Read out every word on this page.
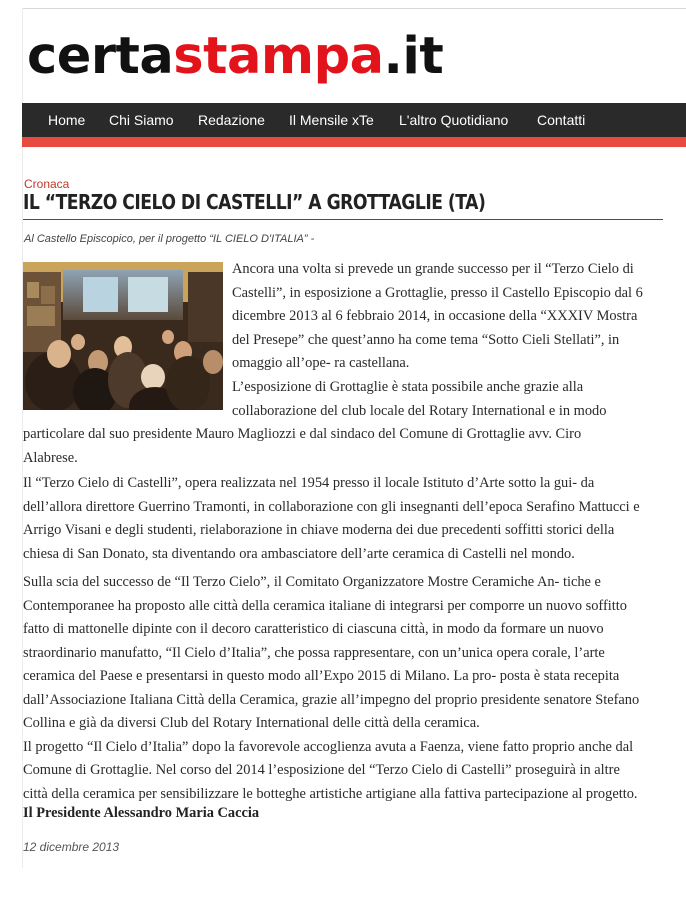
certastampa.it
Home Chi Siamo Redazione Il Mensile xTe L'altro Quotidiano Contatti
Cronaca
IL “TERZO CIELO DI CASTELLI” A GROTTAGLIE (TA)
Al Castello Episcopico, per il progetto “IL CIELO D'ITALIA” -
Ancora una volta si prevede un grande successo per il “Terzo Cielo di
Castelli”, in esposizione a Grottaglie, presso il Castello Episcopio dal 6
dicembre 2013 al 6 febbraio 2014, in occasione della “XXXIV Mostra
del Presepe” che quest’anno ha come tema “Sotto Cieli Stellati”, in
omaggio all’ope- ra castellana.
L’esposizione di Grottaglie è stata possibile anche grazie alla
collaborazione del club locale del Rotary International e in modo
particolare dal suo presidente Mauro Magliozzi e dal sindaco del Comune di Grottaglie avv. Ciro
Alabrese.
Il “Terzo Cielo di Castelli”, opera realizzata nel 1954 presso il locale Istituto d’Arte sotto la gui- da
dell’allora direttore Guerrino Tramonti, in collaborazione con gli insegnanti dell’epoca Serafino Mattucci e
Arrigo Visani e degli studenti, rielaborazione in chiave moderna dei due precedenti soffitti storici della
chiesa di San Donato, sta diventando ora ambasciatore dell’arte ceramica di Castelli nel mondo.
Sulla scia del successo de “Il Terzo Cielo”, il Comitato Organizzatore Mostre Ceramiche An- tiche e
Contemporanee ha proposto alle città della ceramica italiane di integrarsi per comporre un nuovo soffitto
fatto di mattonelle dipinte con il decoro caratteristico di ciascuna città, in modo da formare un nuovo
straordinario manufatto, “Il Cielo d’Italia”, che possa rappresentare, con un’unica opera corale, l’arte
ceramica del Paese e presentarsi in questo modo all’Expo 2015 di Milano. La pro- posta è stata recepita
dall’Associazione Italiana Città della Ceramica, grazie all’impegno del proprio presidente senatore Stefano
Collina e già da diversi Club del Rotary International delle città della ceramica.
Il progetto “Il Cielo d’Italia” dopo la favorevole accoglienza avuta a Faenza, viene fatto proprio anche dal
Comune di Grottaglie. Nel corso del 2014 l’esposizione del “Terzo Cielo di Castelli” proseguirà in altre
città della ceramica per sensibilizzare le botteghe artistiche artigiane alla fattiva partecipazione al progetto.
Il Presidente Alessandro Maria Caccia
12 dicembre 2013
